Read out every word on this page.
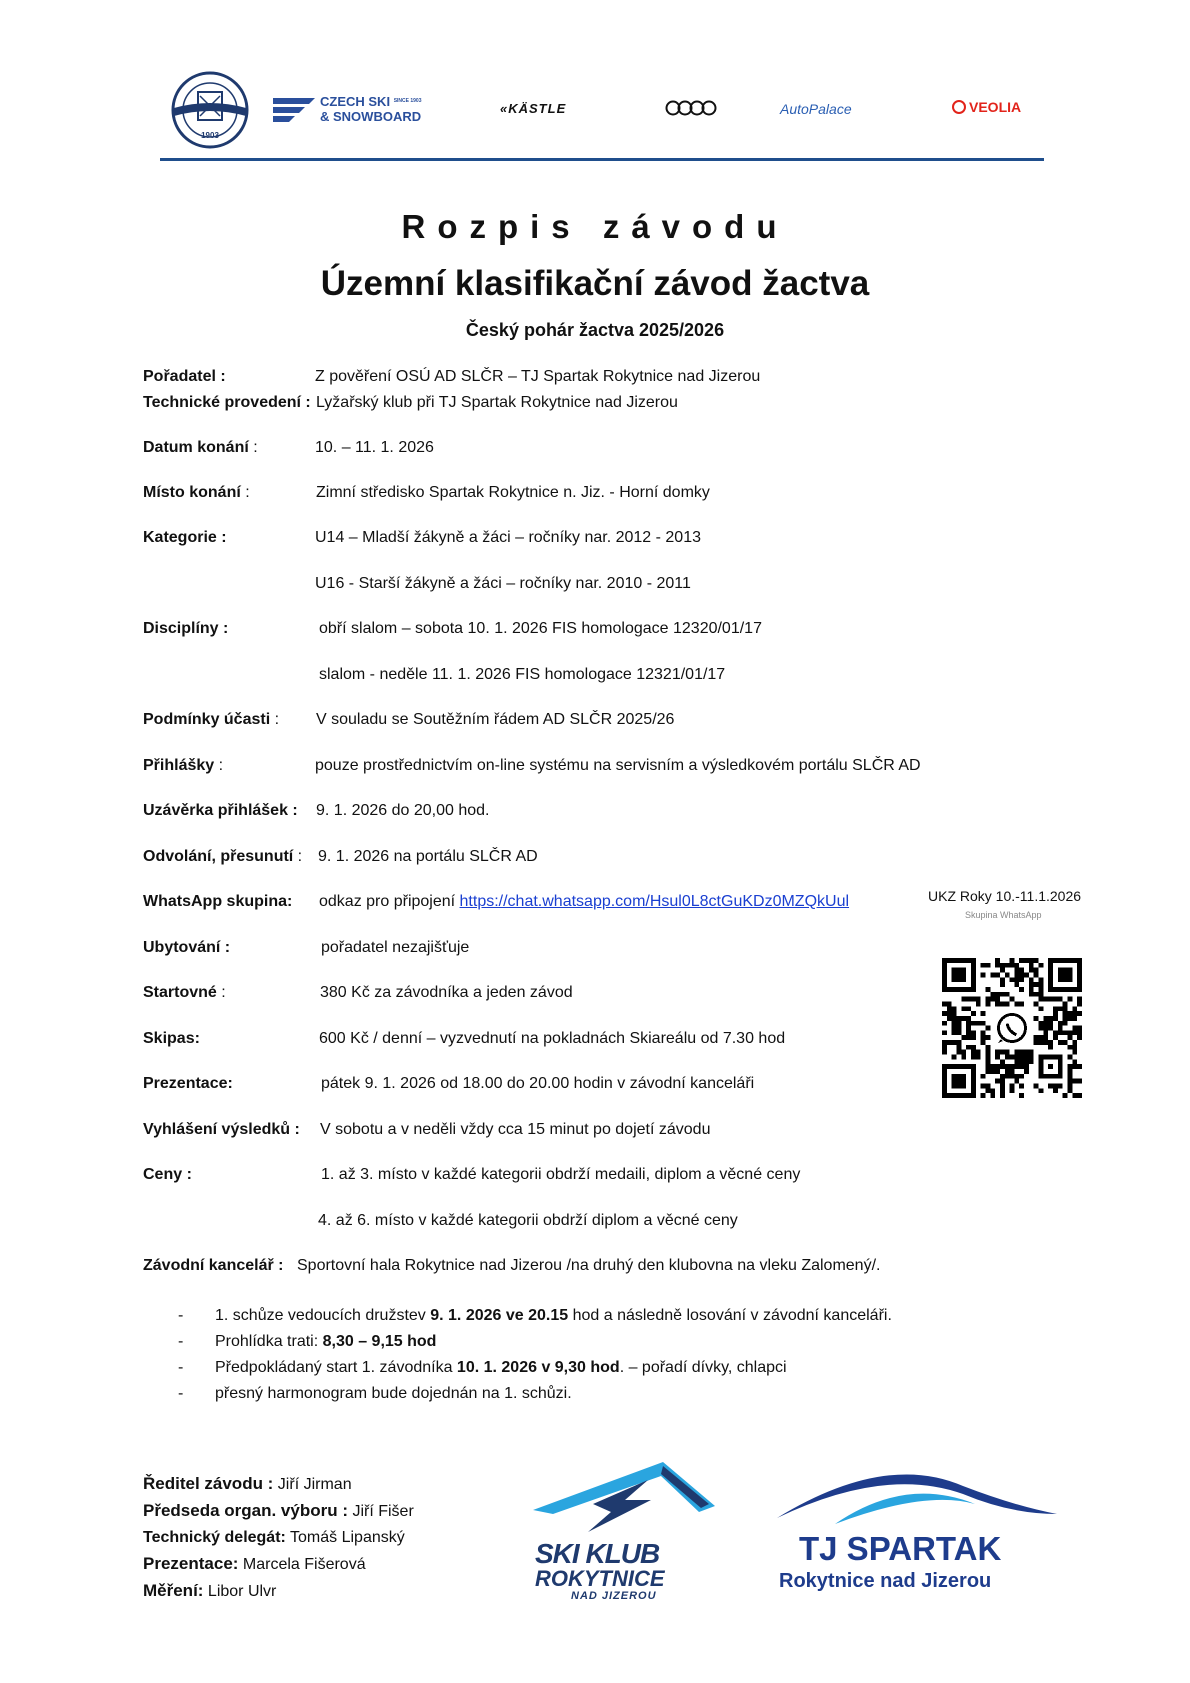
1903
CZECH SKI $^{SINCE 1903}$
& SNOWBOARD
«KÄSTLE	AutoPalace	VEOLIA
Rozpis závodu
Územní klasifikační závod žactva
Český pohár žactva 2025/2026
Pořadatel :	Z pověření OSÚ AD SLČR – TJ Spartak Rokytnice nad Jizerou
Technické provedení : Lyžařský klub při TJ Spartak Rokytnice nad Jizerou
Datum konání :	10. – 11. 1. 2026
Místo konání :	Zimní středisko Spartak Rokytnice n. Jiz. - Horní domky
Kategorie :	U14 – Mladší žákyně a žáci – ročníky nar. 2012 - 2013
U16 - Starší žákyně a žáci – ročníky nar. 2010 - 2011
Disciplíny :	obří slalom – sobota 10. 1. 2026 FIS homologace 12320/01/17
slalom - neděle 11. 1. 2026 FIS homologace 12321/01/17
Podmínky účasti : V souladu se Soutěžním řádem AD SLČR 2025/26
Přihlášky :	pouze prostřednictvím on-line systému na servisním a výsledkovém portálu SLČR AD
Uzávěrka přihlášek : 9. 1. 2026 do 20,00 hod.
Odvolání, přesunutí : 9. 1. 2026 na portálu SLČR AD
WhatsApp skupina: odkaz pro připojení https://chat.whatsapp.com/Hsul0L8ctGuKDz0MZQkUul
Ubytování :	pořadatel nezajišťuje
Startovné :	380 Kč za závodníka a jeden závod
Skipas:	600 Kč / denní – vyzvednutí na pokladnách Skiareálu od 7.30 hod
Prezentace:	pátek 9. 1. 2026 od 18.00 do 20.00 hodin v závodní kanceláři
Vyhlášení výsledků : V sobotu a v neděli vždy cca 15 minut po dojetí závodu
Ceny :	1. až 3. místo v každé kategorii obdrží medaili, diplom a věcné ceny
4. až 6. místo v každé kategorii obdrží diplom a věcné ceny
Závodní kancelář : Sportovní hala Rokytnice nad Jizerou /na druhý den klubovna na vleku Zalomený/.
- 1. schůze vedoucích družstev 9. 1. 2026 ve 20.15 hod a následně losování v závodní kanceláři.
- Prohlídka trati: 8,30 – 9,15 hod
- Předpokládaný start 1. závodníka 10. 1. 2026 v 9,30 hod. – pořadí dívky, chlapci
- přesný harmonogram bude dojednán na 1. schůzi.
UKZ Roky 10.-11.1.2026
Skupina WhatsApp
Ředitel závodu : Jiří Jirman
Předseda organ. výboru : Jiří Fišer
Technický delegát: Tomáš Lipanský
Prezentace: Marcela Fišerová
Měření: Libor Ulvr
SKI KLUB
ROKYTNICE
NAD JIZEROU
TJ SPARTAK
Rokytnice nad Jizerou
